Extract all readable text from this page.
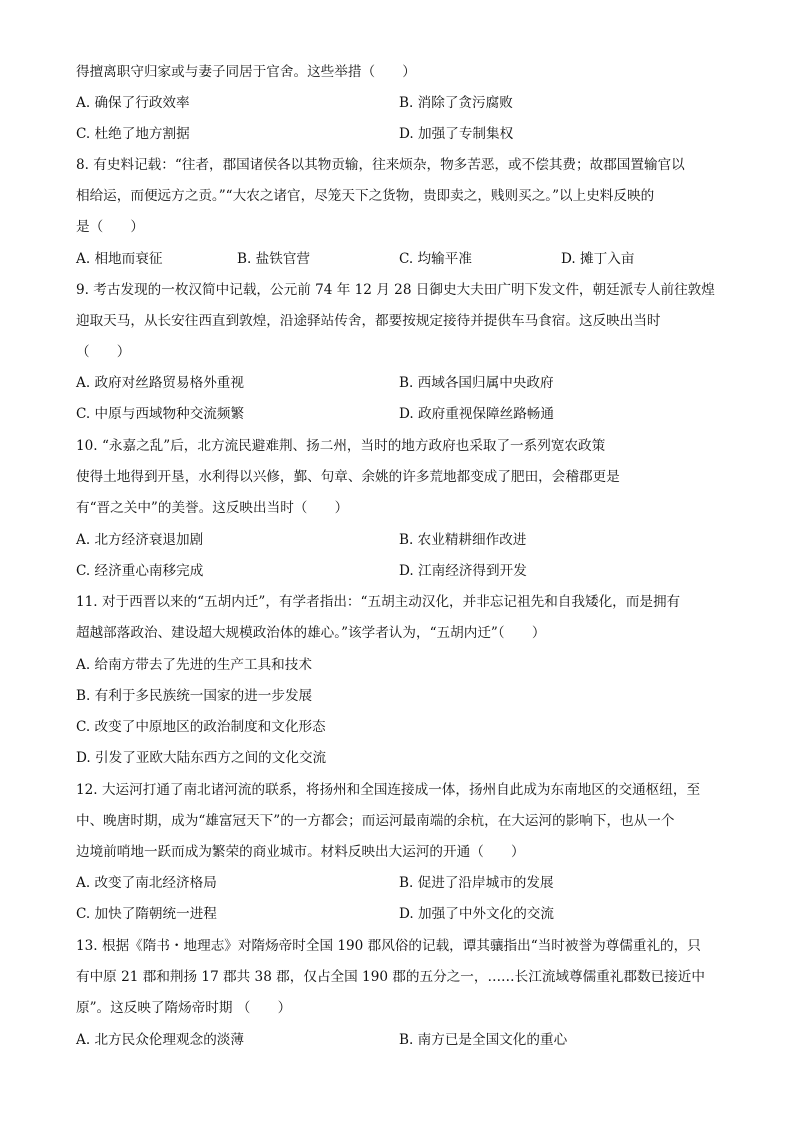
得擅离职守归家或与妻子同居于官舍。这些举措（　　）
A. 确保了行政效率	B. 消除了贪污腐败
C. 杜绝了地方割据	D. 加强了专制集权
8. 有史料记载：“往者，郡国诸侯各以其物贡输，往来烦杂，物多苦恶，或不偿其费；故郡国置输官以
相给运，而便远方之贡。”“大农之诸官，尽笼天下之货物，贵即卖之，贱则买之。”以上史料反映的
是（　　）
A. 相地而衰征	B. 盐铁官营	C. 均输平准	D. 摊丁入亩
9. 考古发现的一枚汉简中记载，公元前 74 年 12 月 28 日御史大夫田广明下发文件，朝廷派专人前往敦煌
迎取天马，从长安往西直到敦煌，沿途驿站传舍，都要按规定接待并提供车马食宿。这反映出当时
（　　）
A. 政府对丝路贸易格外重视	B. 西域各国归属中央政府
C. 中原与西域物种交流频繁	D. 政府重视保障丝路畅通
10. “永嘉之乱”后，北方流民避难荆、扬二州，当时的地方政府也采取了一系列宽农政策
使得土地得到开垦，水利得以兴修，鄞、句章、余姚的许多荒地都变成了肥田，会稽郡更是
有“晋之关中”的美誉。这反映出当时（　　）
A. 北方经济衰退加剧	B. 农业精耕细作改进
C. 经济重心南移完成	D. 江南经济得到开发
11. 对于西晋以来的“五胡内迁”，有学者指出：“五胡主动汉化，并非忘记祖先和自我矮化，而是拥有
超越部落政治、建设超大规模政治体的雄心。”该学者认为，“五胡内迁”（　　）
A. 给南方带去了先进的生产工具和技术
B. 有利于多民族统一国家的进一步发展
C. 改变了中原地区的政治制度和文化形态
D. 引发了亚欧大陆东西方之间的文化交流
12. 大运河打通了南北诸河流的联系，将扬州和全国连接成一体，扬州自此成为东南地区的交通枢纽，至
中、晚唐时期，成为“雄富冠天下”的一方都会；而运河最南端的余杭，在大运河的影响下，也从一个
边境前哨地一跃而成为繁荣的商业城市。材料反映出大运河的开通（　　）
A. 改变了南北经济格局	B. 促进了沿岸城市的发展
C. 加快了隋朝统一进程	D. 加强了中外文化的交流
13. 根据《隋书・地理志》对隋炀帝时全国 190 郡风俗的记载，谭其骧指出“当时被誉为尊儒重礼的，只
有中原 21 郡和荆扬 17 郡共 38 郡，仅占全国 190 郡的五分之一，……长江流域尊儒重礼郡数已接近中
原”。这反映了隋炀帝时期 （　　）
A. 北方民众伦理观念的淡薄	B. 南方已是全国文化的重心
